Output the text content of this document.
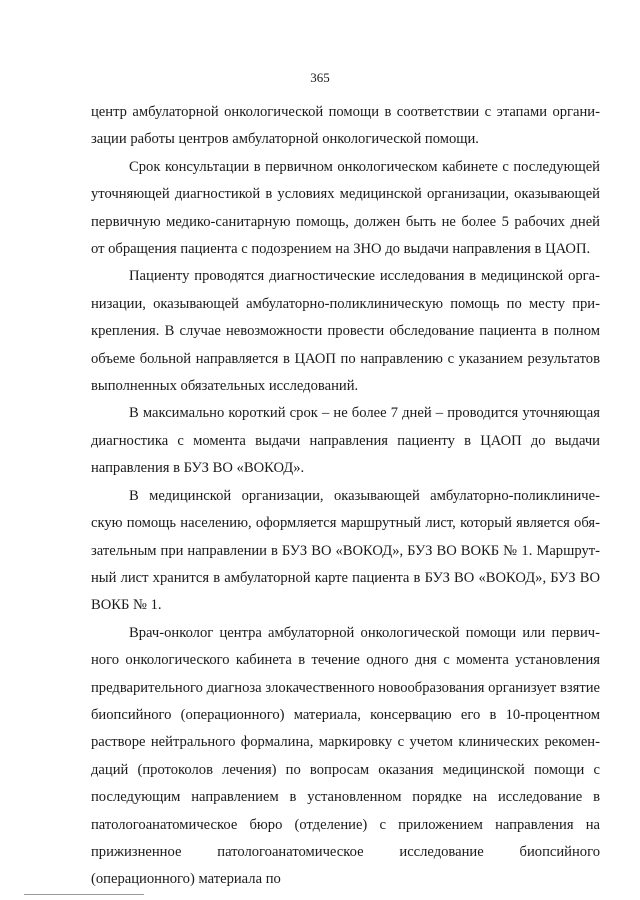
365

центр амбулаторной онкологической помощи в соответствии с этапами организации работы центров амбулаторной онкологической помощи.

Срок консультации в первичном онкологическом кабинете с последующей уточняющей диагностикой в условиях медицинской организации, оказывающей первичную медико-санитарную помощь, должен быть не более 5 рабочих дней от обращения пациента с подозрением на ЗНО до выдачи направления в ЦАОП.

Пациенту проводятся диагностические исследования в медицинской организации, оказывающей амбулаторно-поликлиническую помощь по месту прикрепления. В случае невозможности провести обследование пациента в полном объеме больной направляется в ЦАОП по направлению с указанием результатов выполненных обязательных исследований.

В максимально короткий срок – не более 7 дней – проводится уточняющая диагностика с момента выдачи направления пациенту в ЦАОП до выдачи направления в БУЗ ВО «ВОКОД».

В медицинской организации, оказывающей амбулаторно-поликлиническую помощь населению, оформляется маршрутный лист, который является обязательным при направлении в БУЗ ВО «ВОКОД», БУЗ ВО ВОКБ № 1. Маршрутный лист хранится в амбулаторной карте пациента в БУЗ ВО «ВОКОД», БУЗ ВО ВОКБ № 1.

Врач-онколог центра амбулаторной онкологической помощи или первичного онкологического кабинета в течение одного дня с момента установления предварительного диагноза злокачественного новообразования организует взятие биопсийного (операционного) материала, консервацию его в 10-процентном растворе нейтрального формалина, маркировку с учетом клинических рекомендаций (протоколов лечения) по вопросам оказания медицинской помощи с последующим направлением в установленном порядке на исследование в патологоанатомическое бюро (отделение) с приложением направления на прижизненное патологоанатомическое исследование биопсийного (операционного) материала по
